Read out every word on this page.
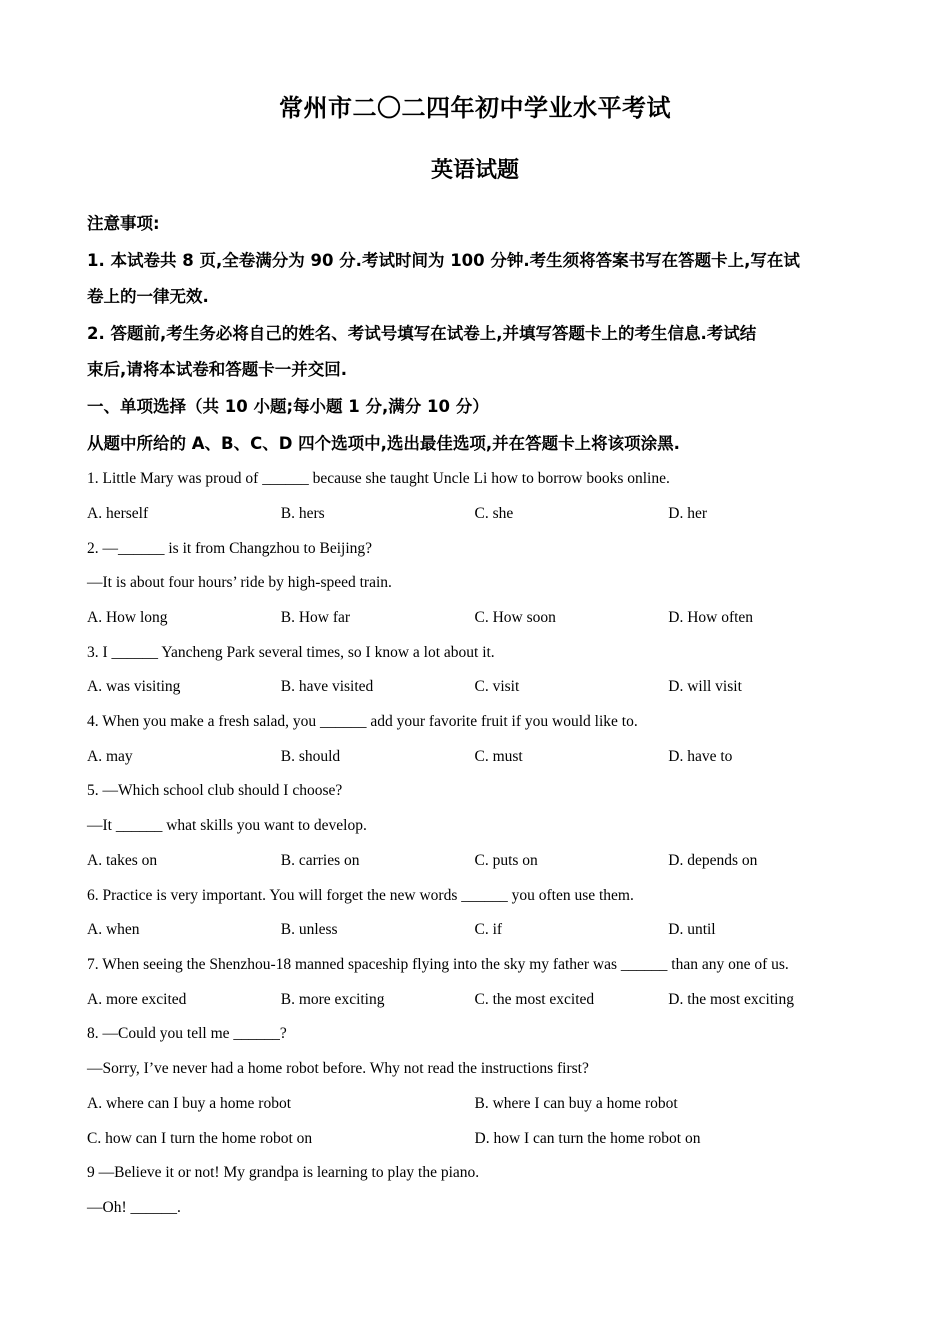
常州市二〇二四年初中学业水平考试
英语试题
注意事项:
1. 本试卷共 8 页,全卷满分为 90 分.考试时间为 100 分钟.考生须将答案书写在答题卡上,写在试
卷上的一律无效.
2. 答题前,考生务必将自己的姓名、考试号填写在试卷上,并填写答题卡上的考生信息.考试结
束后,请将本试卷和答题卡一并交回.
一、单项选择（共 10 小题;每小题 1 分,满分 10 分）
从题中所给的 A、B、C、D 四个选项中,选出最佳选项,并在答题卡上将该项涂黑.
1. Little Mary was proud of ______ because she taught Uncle Li how to borrow books online.
A. herself	B. hers	C. she	D. her
2. —______ is it from Changzhou to Beijing?
—It is about four hours’ ride by high-speed train.
A. How long	B. How far	C. How soon	D. How often
3. I ______ Yancheng Park several times, so I know a lot about it.
A. was visiting	B. have visited	C. visit	D. will visit
4. When you make a fresh salad, you ______ add your favorite fruit if you would like to.
A. may	B. should	C. must	D. have to
5. —Which school club should I choose?
—It ______ what skills you want to develop.
A. takes on	B. carries on	C. puts on	D. depends on
6. Practice is very important. You will forget the new words ______ you often use them.
A. when	B. unless	C. if	D. until
7. When seeing the Shenzhou-18 manned spaceship flying into the sky my father was ______ than any one of us.
A. more excited	B. more exciting	C. the most excited	D. the most exciting
8. —Could you tell me ______?
—Sorry, I’ve never had a home robot before. Why not read the instructions first?
A. where can I buy a home robot	B. where I can buy a home robot
C. how can I turn the home robot on	D. how I can turn the home robot on
9 —Believe it or not! My grandpa is learning to play the piano.
—Oh! ______.
